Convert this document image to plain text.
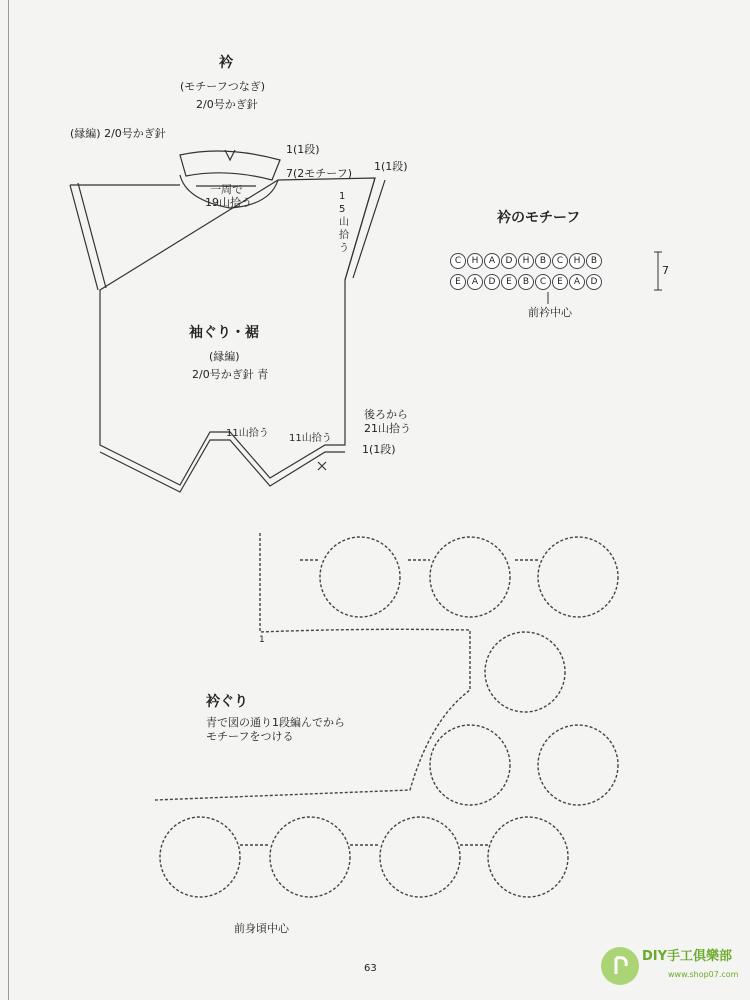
衿
(モチーフつなぎ)
2/0号かぎ針
(縁編) 2/0号かぎ針
1(1段)
7(2モチーフ)
一周で
19山拾う
1(1段)
15山拾う
袖ぐり・裾
(縁編)
2/0号かぎ針 青
11山拾う 11山拾う
後ろから
21山拾う
1(1段)
衿のモチーフ
C	H	A	D	H	B	C	H	B
E	A	D	E	B	C	E	A	D
7
前衿中心
1
衿ぐり
青で図の通り1段編んでから
モチーフをつける
前身頃中心
63
DIY手工俱樂部
www.shop07.com
